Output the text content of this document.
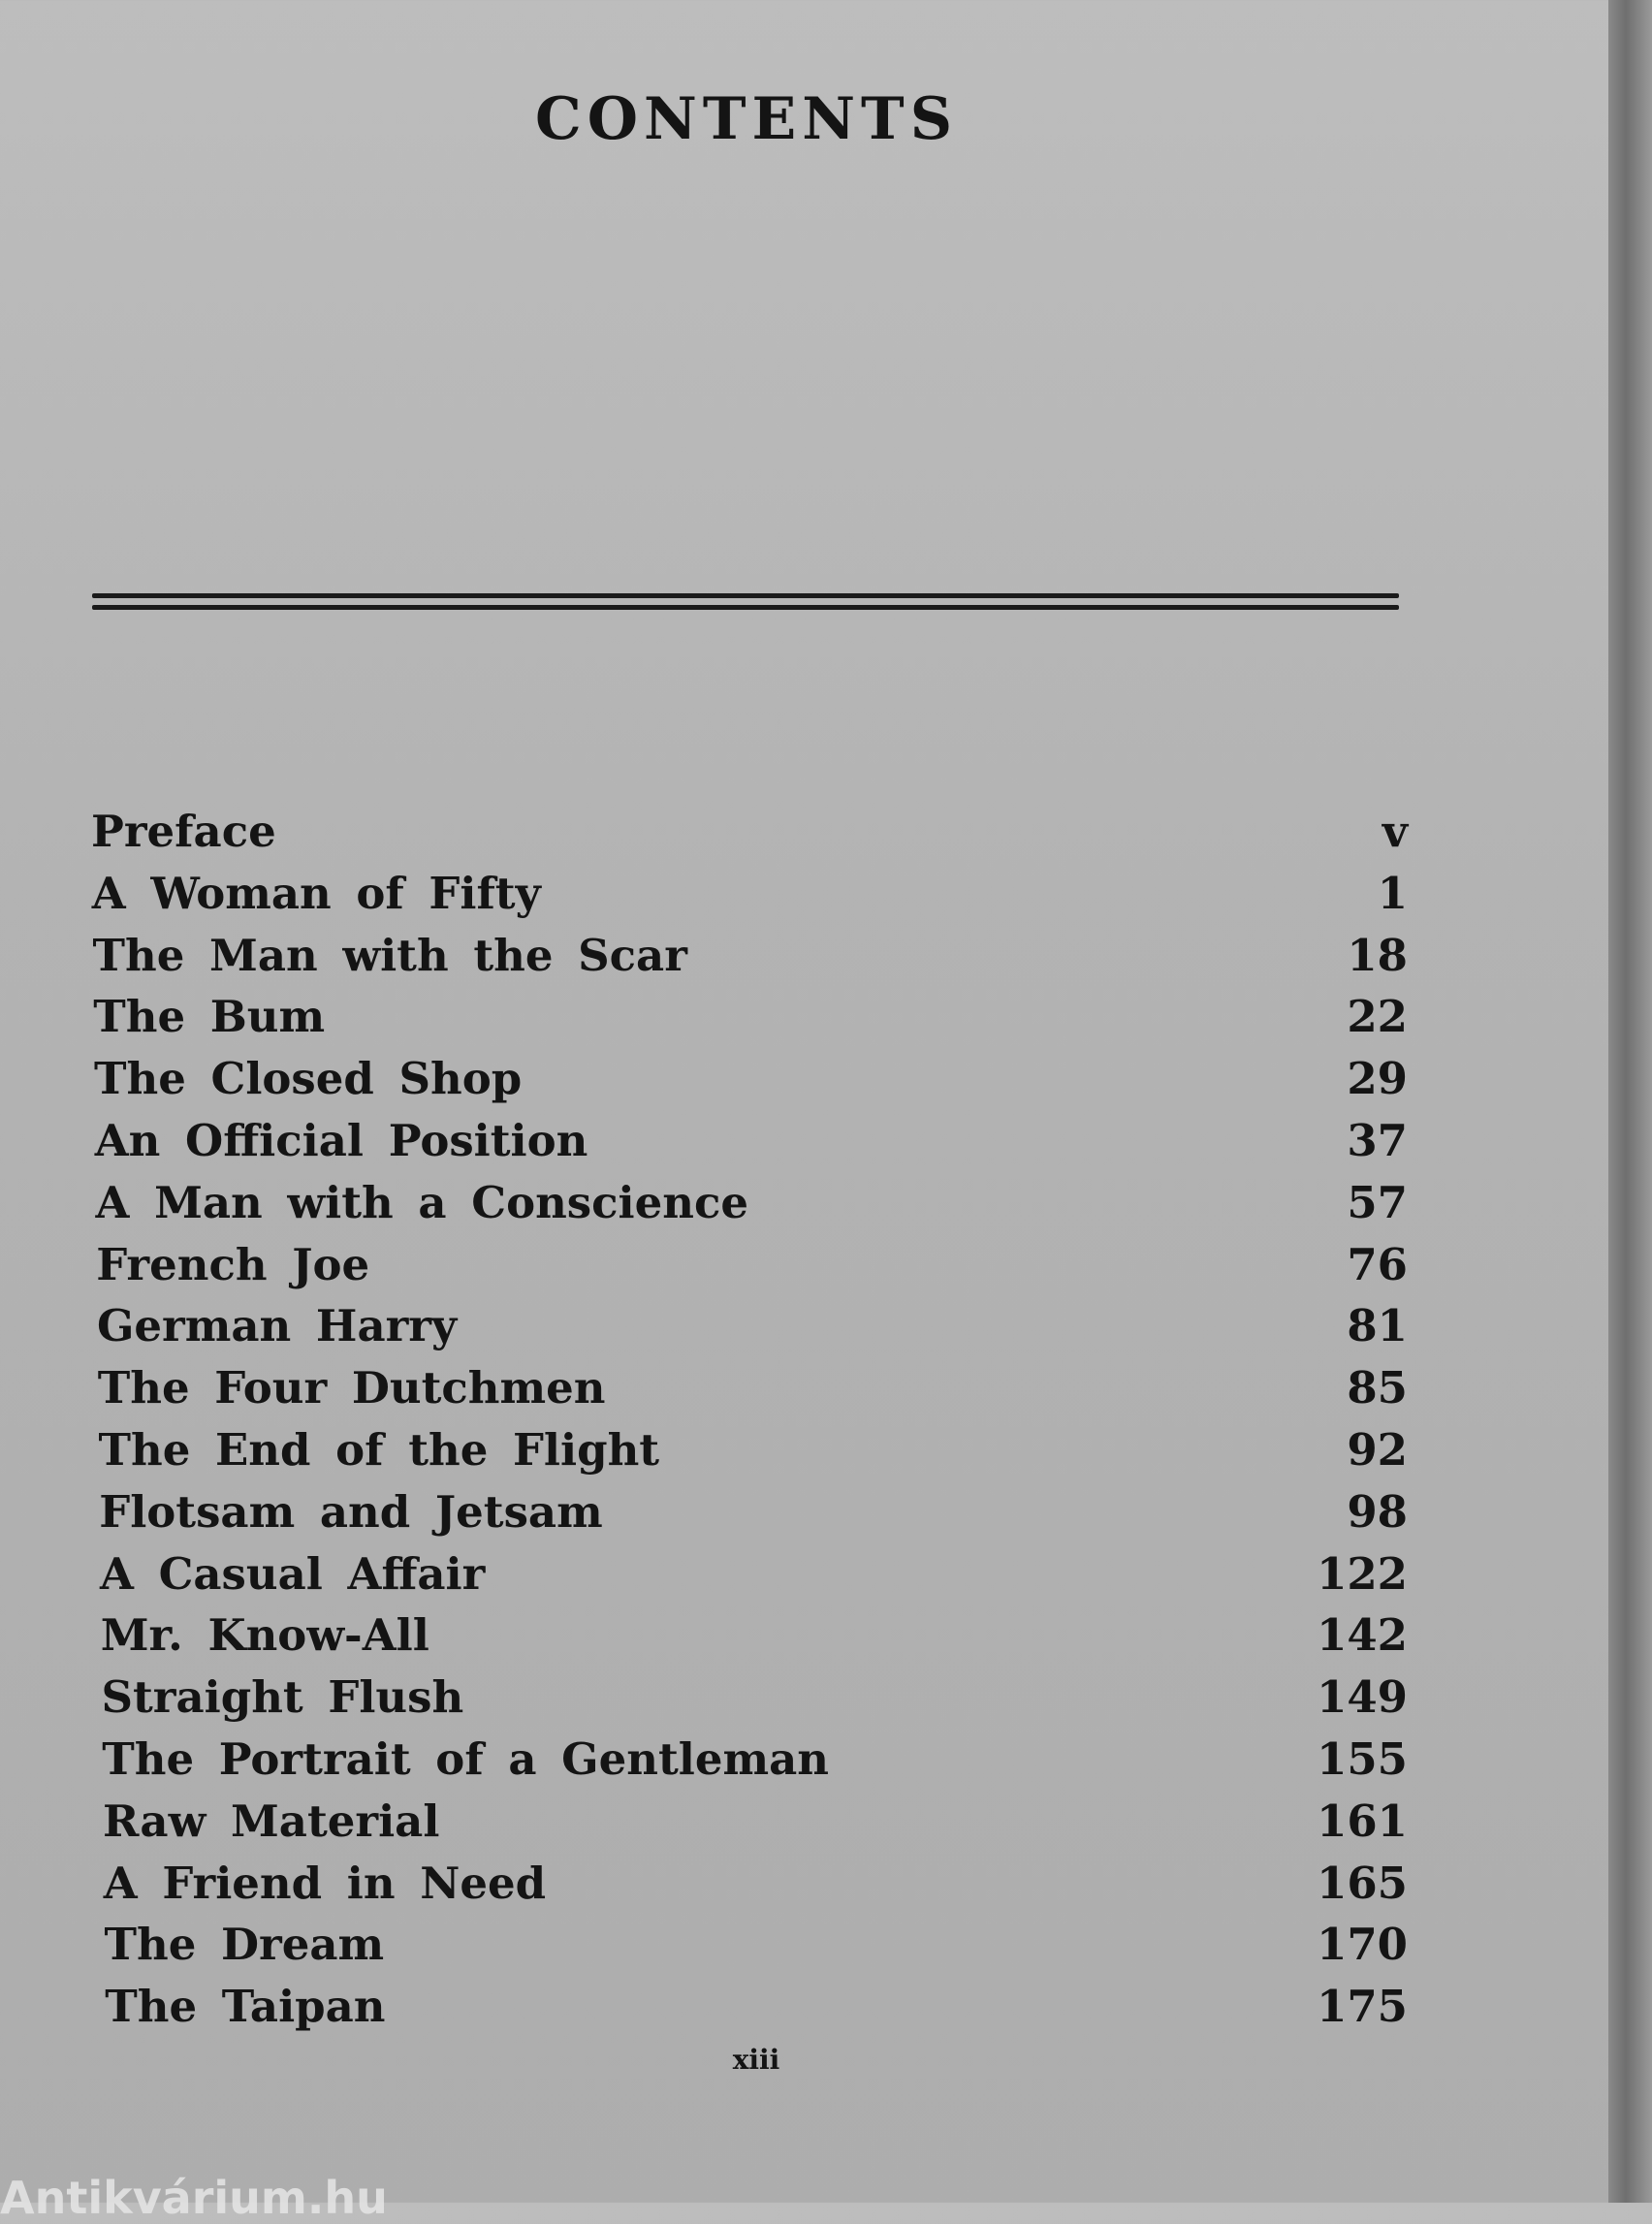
CONTENTS
Preface	v
A Woman of Fifty	1
The Man with the Scar	18
The Bum	22
The Closed Shop	29
An Official Position	37
A Man with a Conscience	57
French Joe	76
German Harry	81
The Four Dutchmen	85
The End of the Flight	92
Flotsam and Jetsam	98
A Casual Affair	122
Mr. Know-All	142
Straight Flush	149
The Portrait of a Gentleman	155
Raw Material	161
A Friend in Need	165
The Dream	170
The Taipan	175
xiii
Antikvárium.hu
